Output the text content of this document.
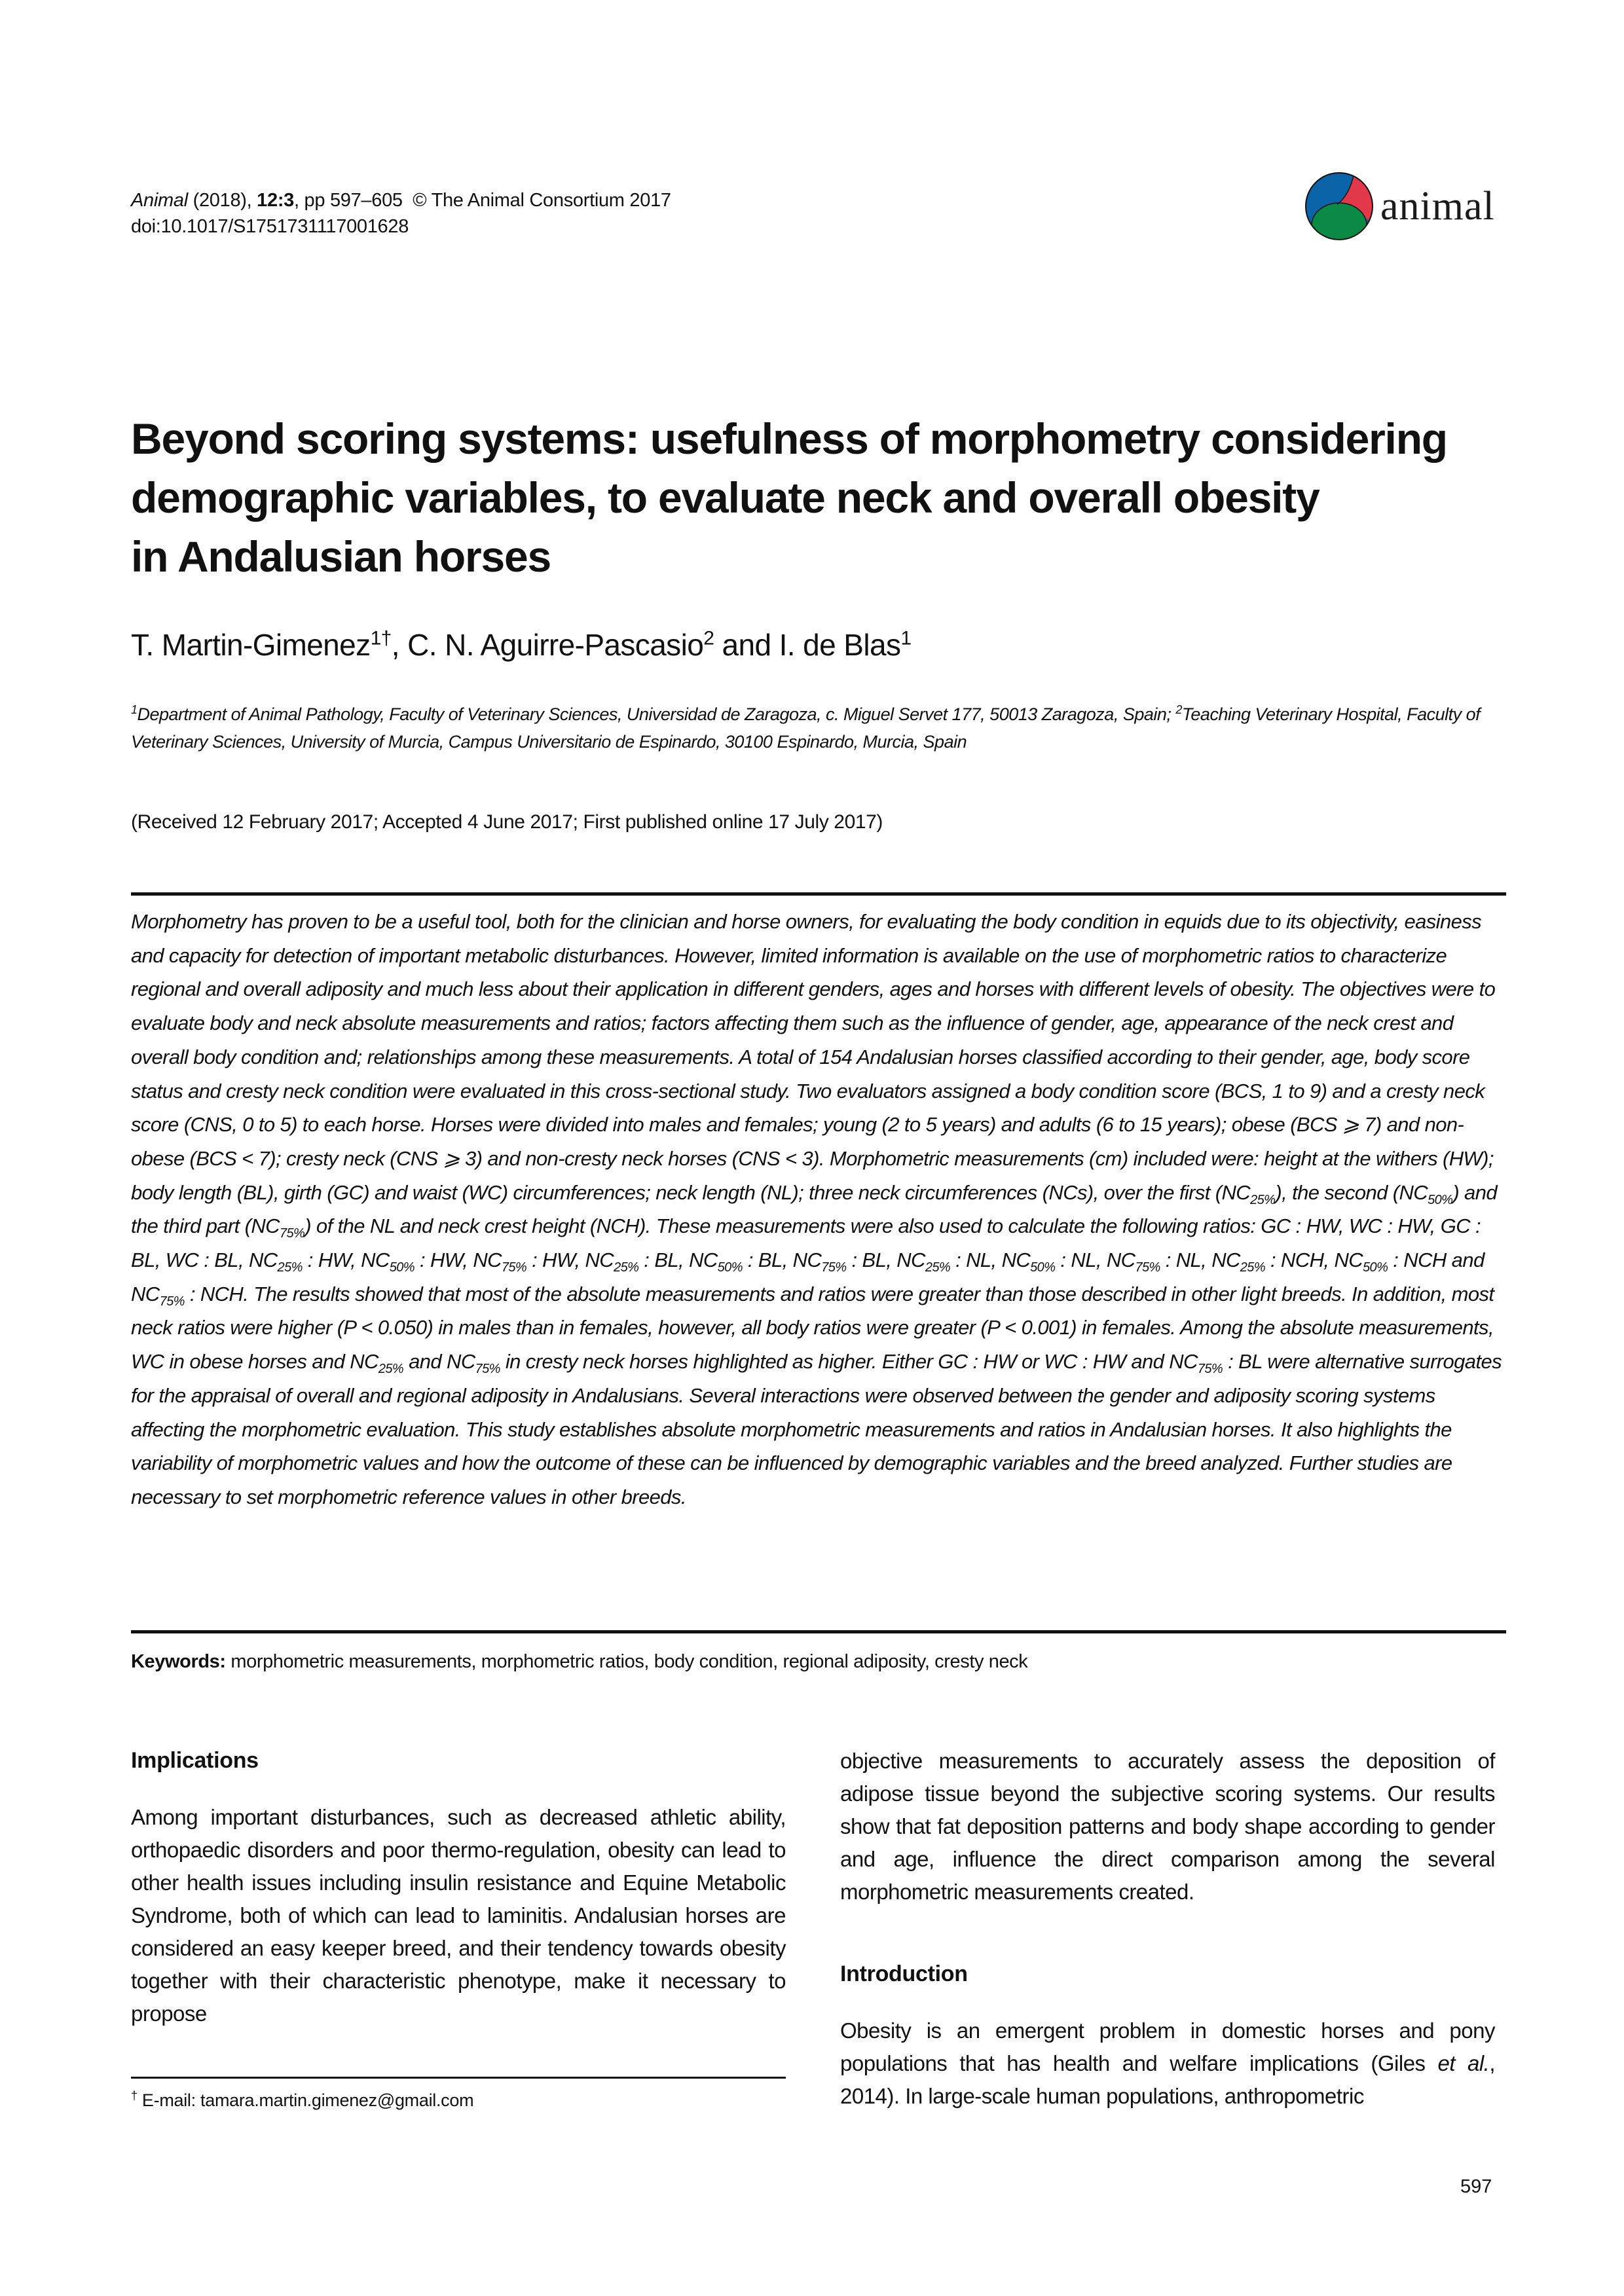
Animal (2018), 12:3, pp 597–605 © The Animal Consortium 2017
doi:10.1017/S1751731117001628	animal
Beyond scoring systems: usefulness of morphometry considering
demographic variables, to evaluate neck and overall obesity
in Andalusian horses
T. Martin-Gimenez$^{1\dagger}$, C. N. Aguirre-Pascasio$^2$ and I. de Blas$^1$
$^1$Department of Animal Pathology, Faculty of Veterinary Sciences, Universidad de Zaragoza, c. Miguel Servet 177, 50013 Zaragoza, Spain; $^2$Teaching Veterinary Hospital, Faculty of Veterinary Sciences, University of Murcia, Campus Universitario de Espinardo, 30100 Espinardo, Murcia, Spain
(Received 12 February 2017; Accepted 4 June 2017; First published online 17 July 2017)
Morphometry has proven to be a useful tool, both for the clinician and horse owners, for evaluating the body condition in equids due to its objectivity, easiness and capacity for detection of important metabolic disturbances. However, limited information is available on the use of morphometric ratios to characterize regional and overall adiposity and much less about their application in different genders, ages and horses with different levels of obesity. The objectives were to evaluate body and neck absolute measurements and ratios; factors affecting them such as the influence of gender, age, appearance of the neck crest and overall body condition and; relationships among these measurements. A total of 154 Andalusian horses classified according to their gender, age, body score status and cresty neck condition were evaluated in this cross-sectional study. Two evaluators assigned a body condition score (BCS, 1 to 9) and a cresty neck score (CNS, 0 to 5) to each horse. Horses were divided into males and females; young (2 to 5 years) and adults (6 to 15 years); obese (BCS ⩾ 7) and non-obese (BCS < 7); cresty neck (CNS ⩾ 3) and non-cresty neck horses (CNS < 3). Morphometric measurements (cm) included were: height at the withers (HW); body length (BL), girth (GC) and waist (WC) circumferences; neck length (NL); three neck circumferences (NCs), over the first $(NC_{25\%})$, the second $(NC_{50\%})$ and the third part $(NC_{75\%})$ of the NL and neck crest height (NCH). These measurements were also used to calculate the following ratios: GC : HW, WC : HW, GC : BL, WC : BL, $NC_{25\%}$ : HW, $NC_{50\%}$ : HW, $NC_{75\%}$ : HW, $NC_{25\%}$ : BL, $NC_{50\%}$ : BL, $NC_{75\%}$ : BL, $NC_{25\%}$ : NL, $NC_{50\%}$ : NL, $NC_{75\%}$ : NL, $NC_{25\%}$ : NCH, $NC_{50\%}$ : NCH and $NC_{75\%}$ : NCH. The results showed that most of the absolute measurements and ratios were greater than those described in other light breeds. In addition, most neck ratios were higher (P < 0.050) in males than in females, however, all body ratios were greater (P < 0.001) in females. Among the absolute measurements, WC in obese horses and $NC_{25\%}$ and $NC_{75\%}$ in cresty neck horses highlighted as higher. Either GC : HW or WC : HW and $NC_{75\%}$ : BL were alternative surrogates for the appraisal of overall and regional adiposity in Andalusians. Several interactions were observed between the gender and adiposity scoring systems affecting the morphometric evaluation. This study establishes absolute morphometric measurements and ratios in Andalusian horses. It also highlights the variability of morphometric values and how the outcome of these can be influenced by demographic variables and the breed analyzed. Further studies are necessary to set morphometric reference values in other breeds.
Keywords: morphometric measurements, morphometric ratios, body condition, regional adiposity, cresty neck
Implications

Among important disturbances, such as decreased athletic ability, orthopaedic disorders and poor thermo-regulation, obesity can lead to other health issues including insulin resistance and Equine Metabolic Syndrome, both of which can lead to laminitis. Andalusian horses are considered an easy keeper breed, and their tendency towards obesity together with their characteristic phenotype, make it necessary to propose

objective measurements to accurately assess the deposition of adipose tissue beyond the subjective scoring systems. Our results show that fat deposition patterns and body shape according to gender and age, influence the direct comparison among the several morphometric measurements created.

Introduction

Obesity is an emergent problem in domestic horses and pony populations that has health and welfare implications (Giles et al., 2014). In large-scale human populations, anthropometric

† E-mail: tamara.martin.gimenez@gmail.com
597
